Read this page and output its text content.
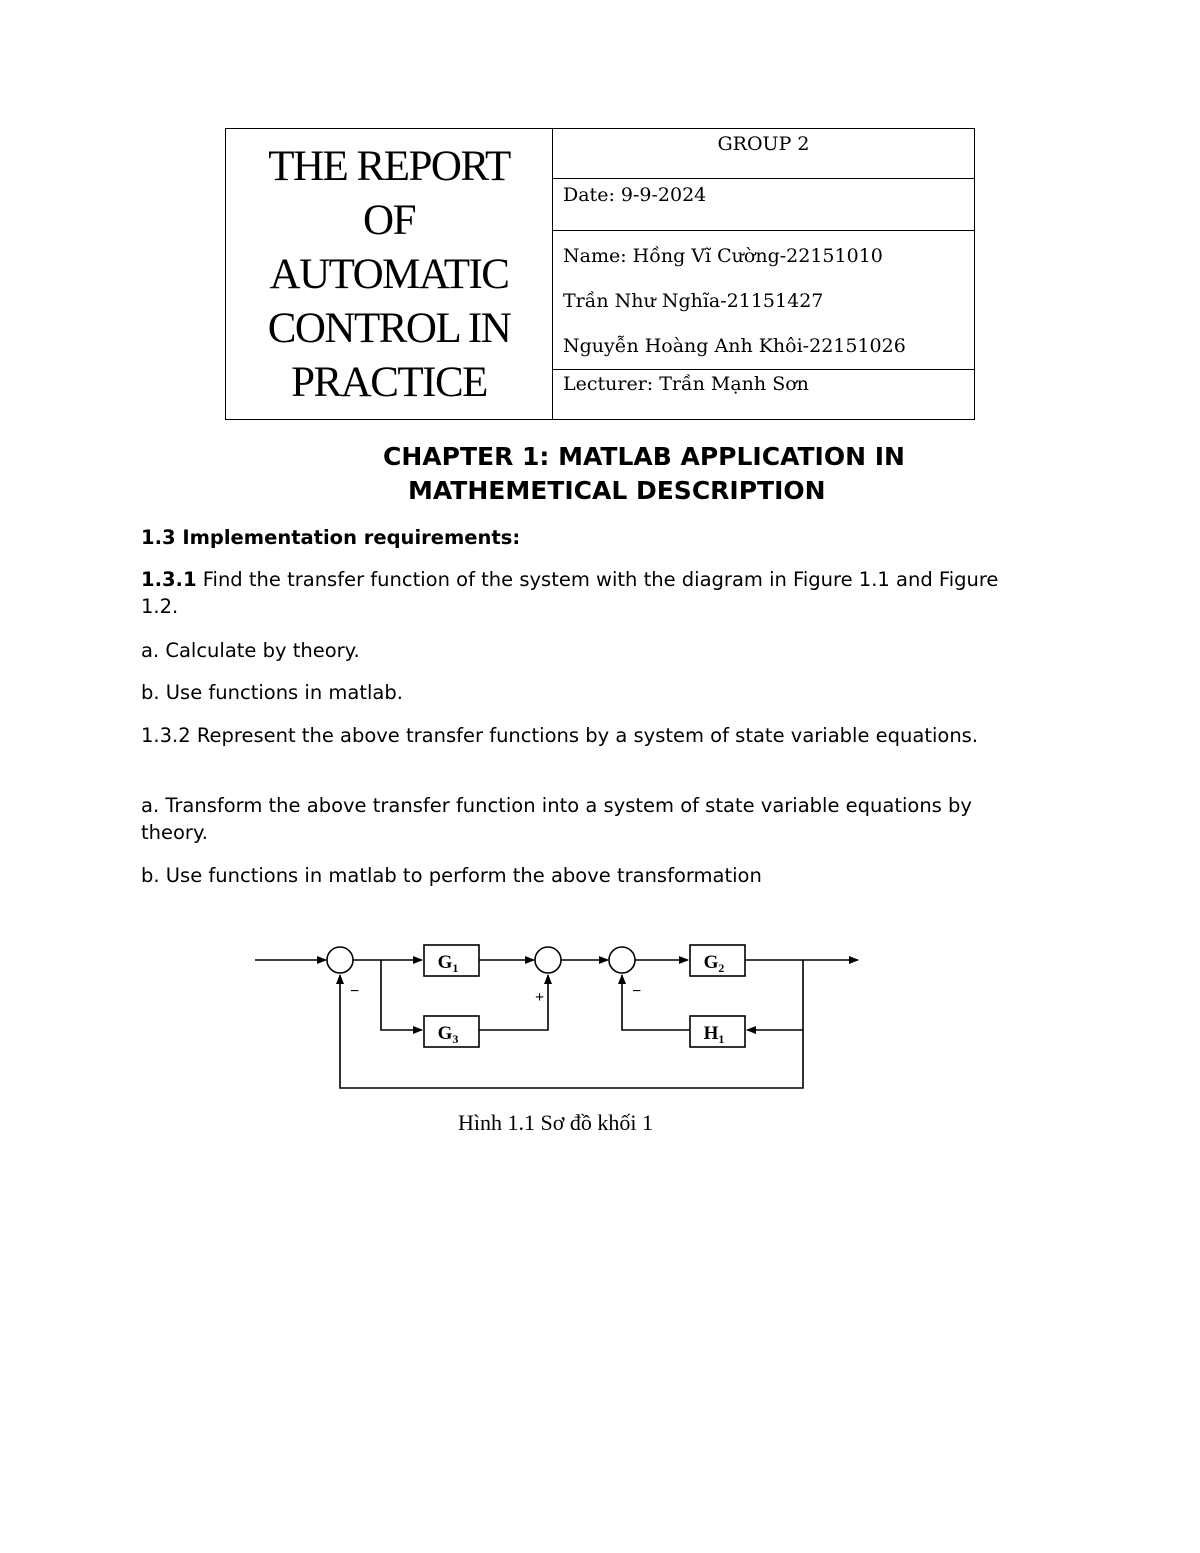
THE REPORT
OF
AUTOMATIC
CONTROL IN
PRACTICE
	GROUP 2
Date: 9-9-2024

Name: Hồng Vĩ Cường-22151010
Trần Như Nghĩa-21151427
Nguyễn Hoàng Anh Khôi-22151026

Lecturer: Trần Mạnh Sơn
CHAPTER 1: MATLAB APPLICATION IN
MATHEMETICAL DESCRIPTION
1.3 Implementation requirements:
1.3.1 Find the transfer function of the system with the diagram in Figure 1.1 and Figure 1.2.
a. Calculate by theory.
b. Use functions in matlab.
1.3.2 Represent the above transfer functions by a system of state variable equations.
a. Transform the above transfer function into a system of state variable equations by theory.
b. Use functions in matlab to perform the above transformation
$G_1$
$G_3$
$G_2$
$H_1$
−	+	−
Hình 1.1 Sơ đồ khối 1
